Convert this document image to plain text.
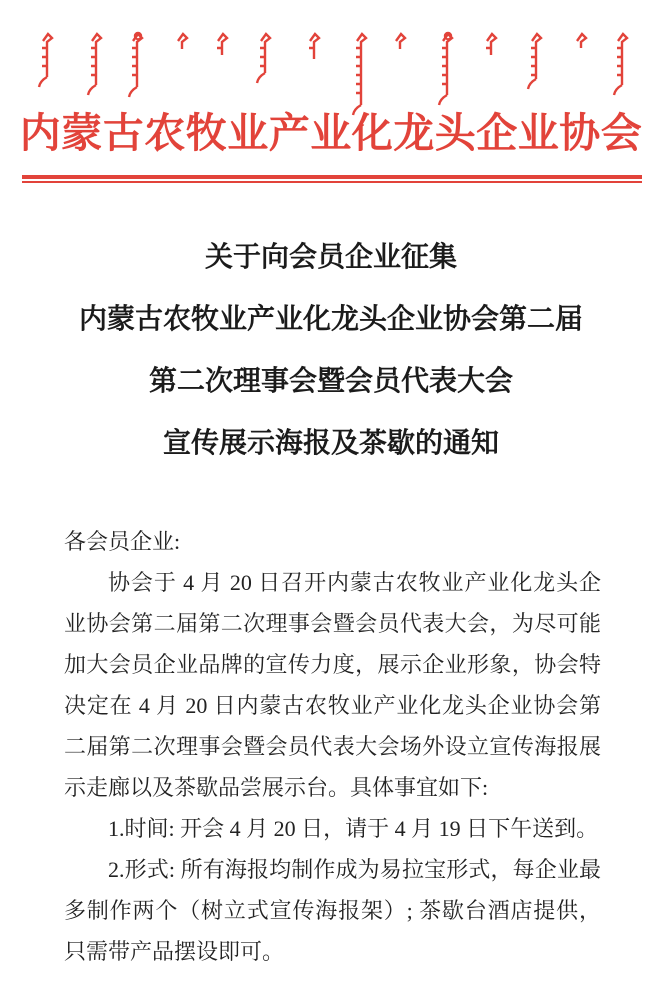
内蒙古农牧业产业化龙头企业协会
关于向会员企业征集
内蒙古农牧业产业化龙头企业协会第二届
第二次理事会暨会员代表大会
宣传展示海报及茶歇的通知

各会员企业:

协会于 4 月 20 日召开内蒙古农牧业产业化龙头企业协会第二届第二次理事会暨会员代表大会，为尽可能加大会员企业品牌的宣传力度，展示企业形象，协会特决定在 4 月 20 日内蒙古农牧业产业化龙头企业协会第二届第二次理事会暨会员代表大会场外设立宣传海报展示走廊以及茶歇品尝展示台。具体事宜如下:

1.时间: 开会 4 月 20 日，请于 4 月 19 日下午送到。

2.形式: 所有海报均制作成为易拉宝形式，每企业最多制作两个（树立式宣传海报架）; 茶歇台酒店提供，只需带产品摆设即可。
